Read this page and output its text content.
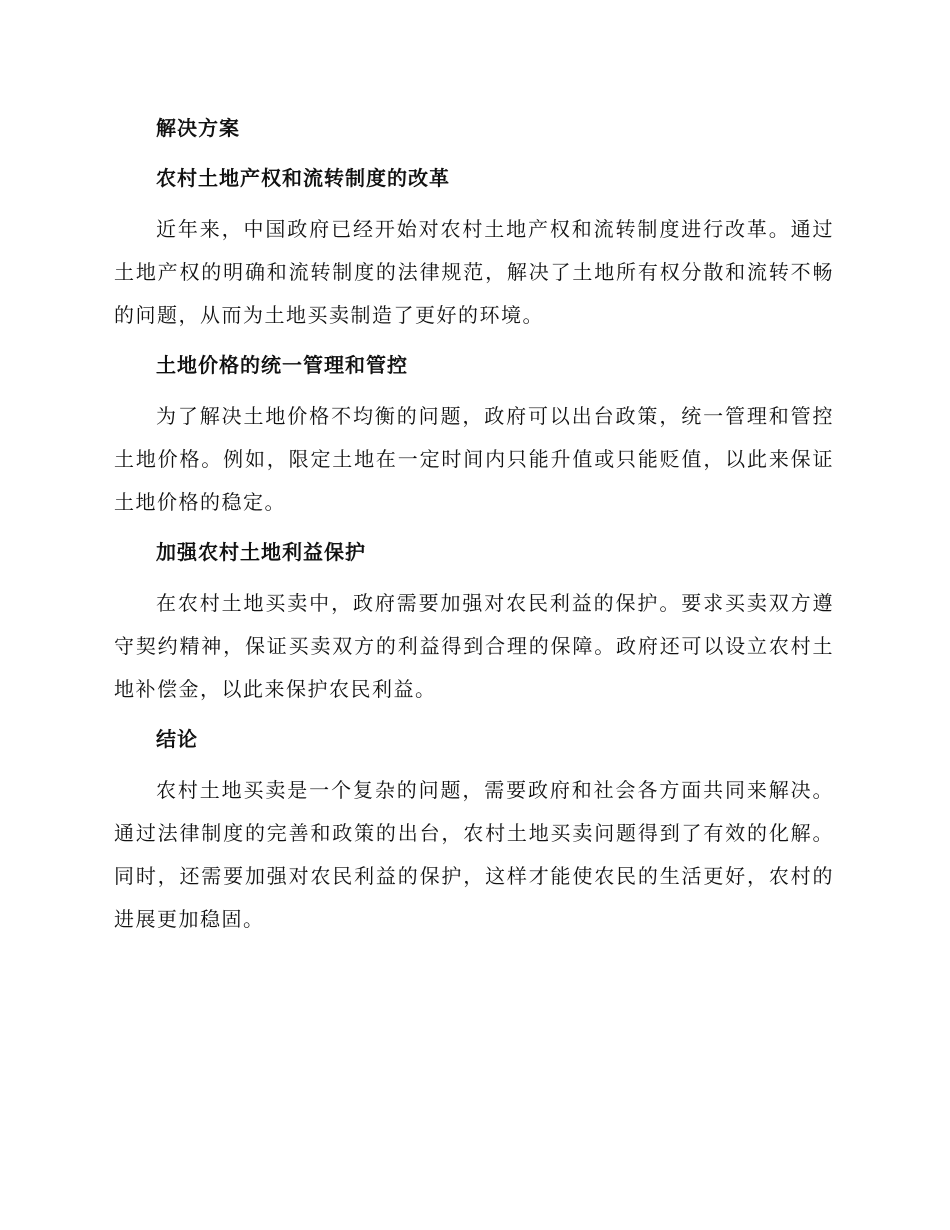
解决方案
农村土地产权和流转制度的改革

近年来，中国政府已经开始对农村土地产权和流转制度进行改革。通过土地产权的明确和流转制度的法律规范，解决了土地所有权分散和流转不畅的问题，从而为土地买卖制造了更好的环境。

土地价格的统一管理和管控

为了解决土地价格不均衡的问题，政府可以出台政策，统一管理和管控土地价格。例如，限定土地在一定时间内只能升值或只能贬值，以此来保证土地价格的稳定。

加强农村土地利益保护

在农村土地买卖中，政府需要加强对农民利益的保护。要求买卖双方遵守契约精神，保证买卖双方的利益得到合理的保障。政府还可以设立农村土地补偿金，以此来保护农民利益。

结论

农村土地买卖是一个复杂的问题，需要政府和社会各方面共同来解决。通过法律制度的完善和政策的出台，农村土地买卖问题得到了有效的化解。同时，还需要加强对农民利益的保护，这样才能使农民的生活更好，农村的进展更加稳固。
